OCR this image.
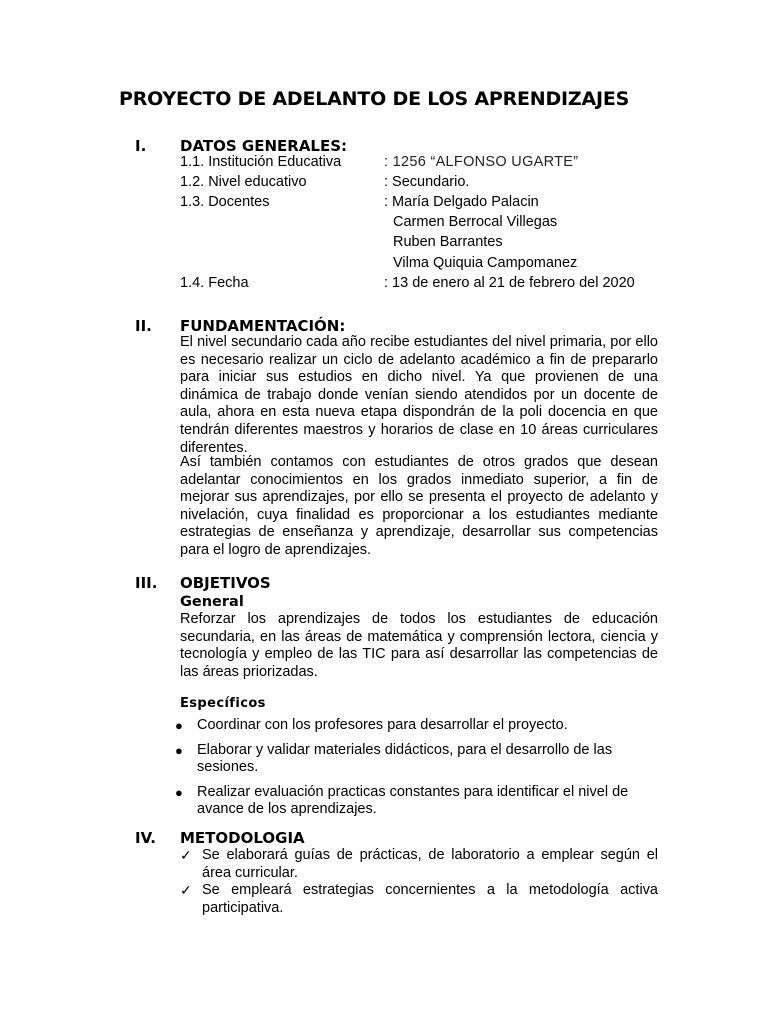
PROYECTO DE ADELANTO DE LOS APRENDIZAJES
I. DATOS GENERALES:
1.1. Institución Educativa	: 1256 “ALFONSO UGARTE”
1.2. Nivel educativo	: Secundario.
1.3. Docentes	: María Delgado Palacin
Carmen Berrocal Villegas
Ruben Barrantes
Vilma Quiquia Campomanez
1.4. Fecha	: 13 de enero al 21 de febrero del 2020
II. FUNDAMENTACIÓN:

El nivel secundario cada año recibe estudiantes del nivel primaria, por ello es necesario realizar un ciclo de adelanto académico a fin de prepararlo para iniciar sus estudios en dicho nivel. Ya que provienen de una dinámica de trabajo donde venían siendo atendidos por un docente de aula, ahora en esta nueva etapa dispondrán de la poli docencia en que tendrán diferentes maestros y horarios de clase en 10 áreas curriculares diferentes.

Así también contamos con estudiantes de otros grados que desean adelantar conocimientos en los grados inmediato superior, a fin de mejorar sus aprendizajes, por ello se presenta el proyecto de adelanto y nivelación, cuya finalidad es proporcionar a los estudiantes mediante estrategias de enseñanza y aprendizaje, desarrollar sus competencias para el logro de aprendizajes.

III. OBJETIVOS
General

Reforzar los aprendizajes de todos los estudiantes de educación secundaria, en las áreas de matemática y comprensión lectora, ciencia y tecnología y empleo de las TIC para así desarrollar las competencias de las áreas priorizadas.

Específicos
● Coordinar con los profesores para desarrollar el proyecto.
● Elaborar y validar materiales didácticos, para el desarrollo de las sesiones.
● Realizar evaluación practicas constantes para identificar el nivel de avance de los aprendizajes.
IV. METODOLOGIA
✓ Se elaborará guías de prácticas, de laboratorio a emplear según el área curricular.
✓ Se empleará estrategias concernientes a la metodología activa participativa.
